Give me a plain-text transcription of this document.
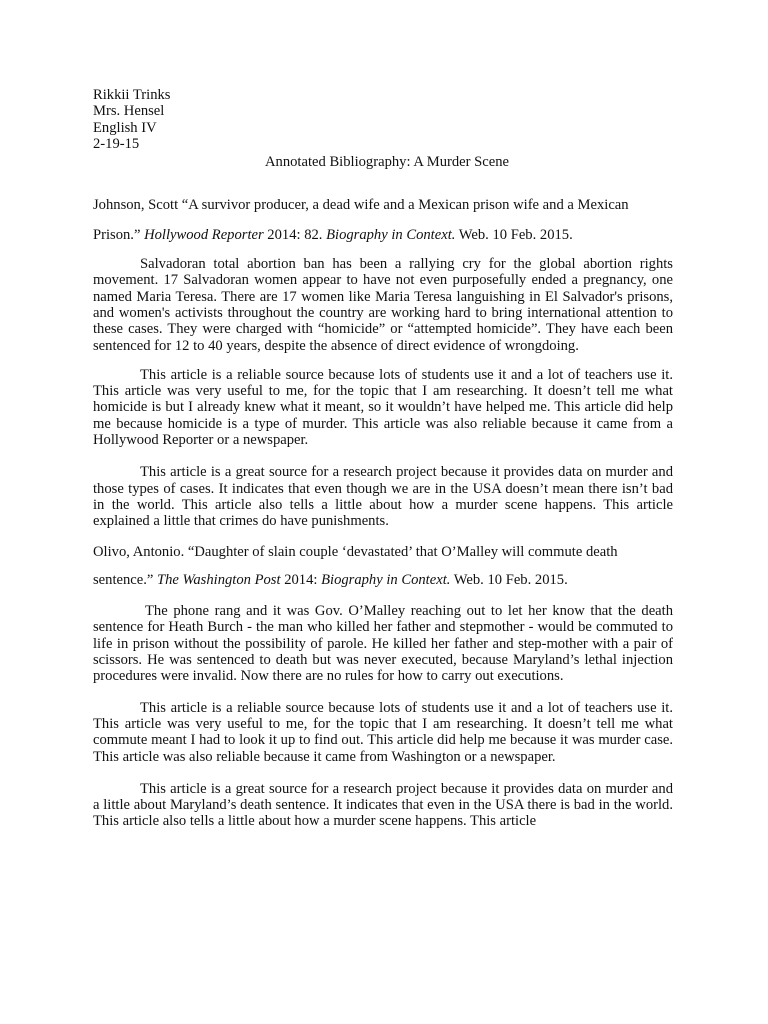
Rikkii Trinks
Mrs. Hensel
English IV
2-19-15
Annotated Bibliography: A Murder Scene
Johnson, Scott “A survivor producer, a dead wife and a Mexican prison wife and a Mexican
Prison.” Hollywood Reporter 2014: 82. Biography in Context. Web. 10 Feb. 2015.

Salvadoran total abortion ban has been a rallying cry for the global abortion rights movement. 17 Salvadoran women appear to have not even purposefully ended a pregnancy, one named Maria Teresa. There are 17 women like Maria Teresa languishing in El Salvador's prisons, and women's activists throughout the country are working hard to bring international attention to these cases. They were charged with “homicide” or “attempted homicide”. They have each been sentenced for 12 to 40 years, despite the absence of direct evidence of wrongdoing.

This article is a reliable source because lots of students use it and a lot of teachers use it. This article was very useful to me, for the topic that I am researching. It doesn’t tell me what homicide is but I already knew what it meant, so it wouldn’t have helped me. This article did help me because homicide is a type of murder. This article was also reliable because it came from a Hollywood Reporter or a newspaper.

This article is a great source for a research project because it provides data on murder and those types of cases. It indicates that even though we are in the USA doesn’t mean there isn’t bad in the world. This article also tells a little about how a murder scene happens. This article explained a little that crimes do have punishments.

Olivo, Antonio. “Daughter of slain couple ‘devastated’ that O’Malley will commute death
sentence.” The Washington Post 2014: Biography in Context. Web. 10 Feb. 2015.

The phone rang and it was Gov. O’Malley reaching out to let her know that the death sentence for Heath Burch - the man who killed her father and stepmother - would be commuted to life in prison without the possibility of parole. He killed her father and step-mother with a pair of scissors. He was sentenced to death but was never executed, because Maryland’s lethal injection procedures were invalid. Now there are no rules for how to carry out executions.

This article is a reliable source because lots of students use it and a lot of teachers use it. This article was very useful to me, for the topic that I am researching. It doesn’t tell me what commute meant I had to look it up to find out. This article did help me because it was murder case. This article was also reliable because it came from Washington or a newspaper.

This article is a great source for a research project because it provides data on murder and a little about Maryland’s death sentence. It indicates that even in the USA there is bad in the world. This article also tells a little about how a murder scene happens. This article
